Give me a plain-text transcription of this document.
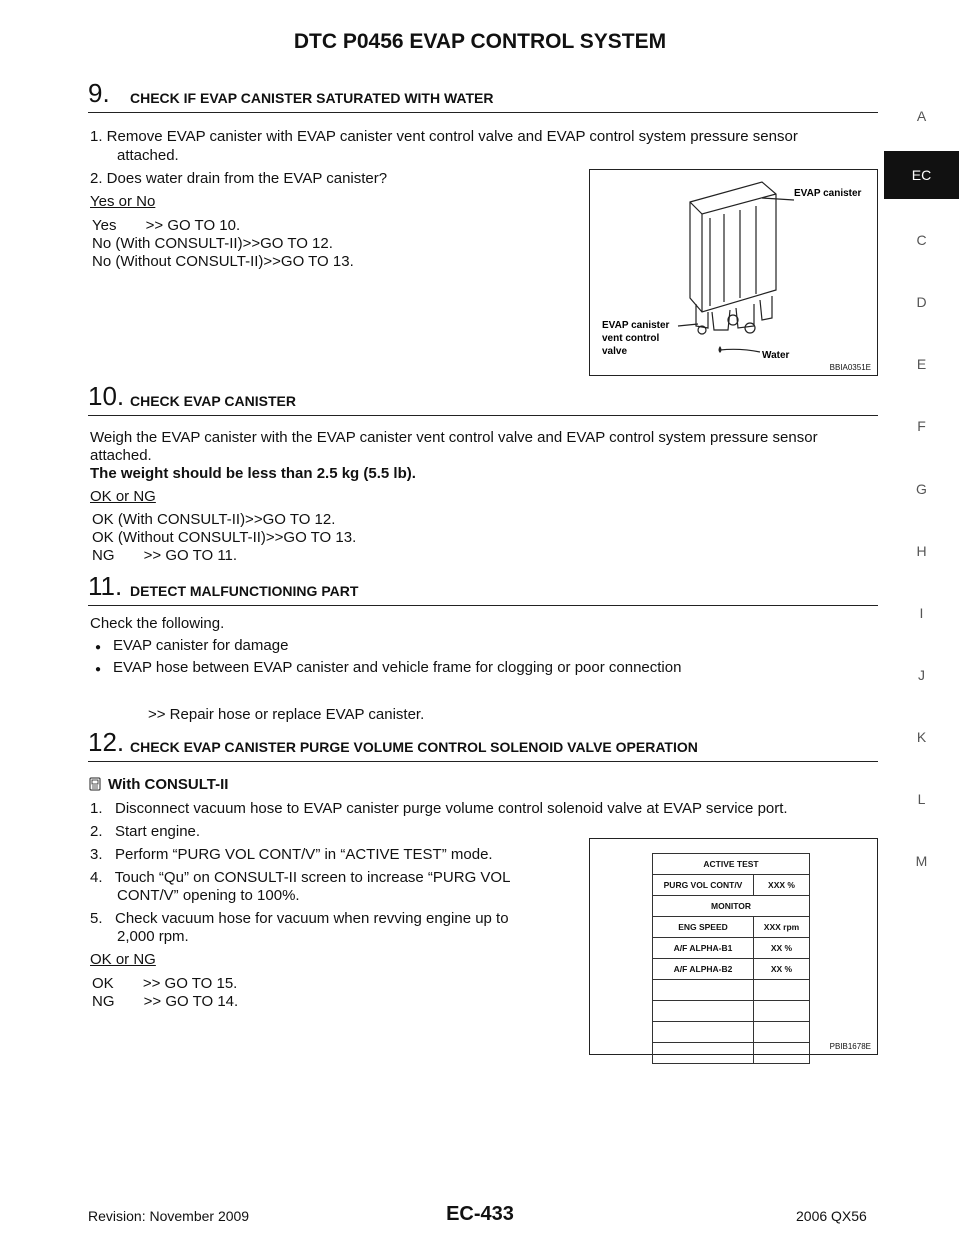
DTC P0456 EVAP CONTROL SYSTEM
A
EC
C
D
E
F
G
H
I
J
K
L
M
9. CHECK IF EVAP CANISTER SATURATED WITH WATER
1. Remove EVAP canister with EVAP canister vent control valve and EVAP control system pressure sensor
attached.
2. Does water drain from the EVAP canister?
Yes or No
Yes       >> GO TO 10.
No (With CONSULT-II)>>GO TO 12.
No (Without CONSULT-II)>>GO TO 13.
EVAP canister
EVAP canister vent control valve	Water
BBIA0351E
10. CHECK EVAP CANISTER
Weigh the EVAP canister with the EVAP canister vent control valve and EVAP control system pressure sensor
attached.
The weight should be less than 2.5 kg (5.5 lb).
OK or NG
OK (With CONSULT-II)>>GO TO 12.
OK (Without CONSULT-II)>>GO TO 13.
NG       >> GO TO 11.
11. DETECT MALFUNCTIONING PART
Check the following.
● EVAP canister for damage
● EVAP hose between EVAP canister and vehicle frame for clogging or poor connection
>> Repair hose or replace EVAP canister.
12. CHECK EVAP CANISTER PURGE VOLUME CONTROL SOLENOID VALVE OPERATION
With CONSULT-II
1.   Disconnect vacuum hose to EVAP canister purge volume control solenoid valve at EVAP service port.
2.   Start engine.
3.   Perform “PURG VOL CONT/V” in “ACTIVE TEST” mode.
4.   Touch “Qu” on CONSULT-II screen to increase “PURG VOL
CONT/V” opening to 100%.
5.   Check vacuum hose for vacuum when revving engine up to
2,000 rpm.
OK or NG
OK       >> GO TO 15.
NG       >> GO TO 14.
ACTIVE TEST	
PURG VOL CONT/V	XXX %
MONITOR	
ENG SPEED	XXX rpm
A/F ALPHA-B1	XX %
A/F ALPHA-B2	XX %

PBIB1678E
Revision: November 2009	EC-433	2006 QX56
